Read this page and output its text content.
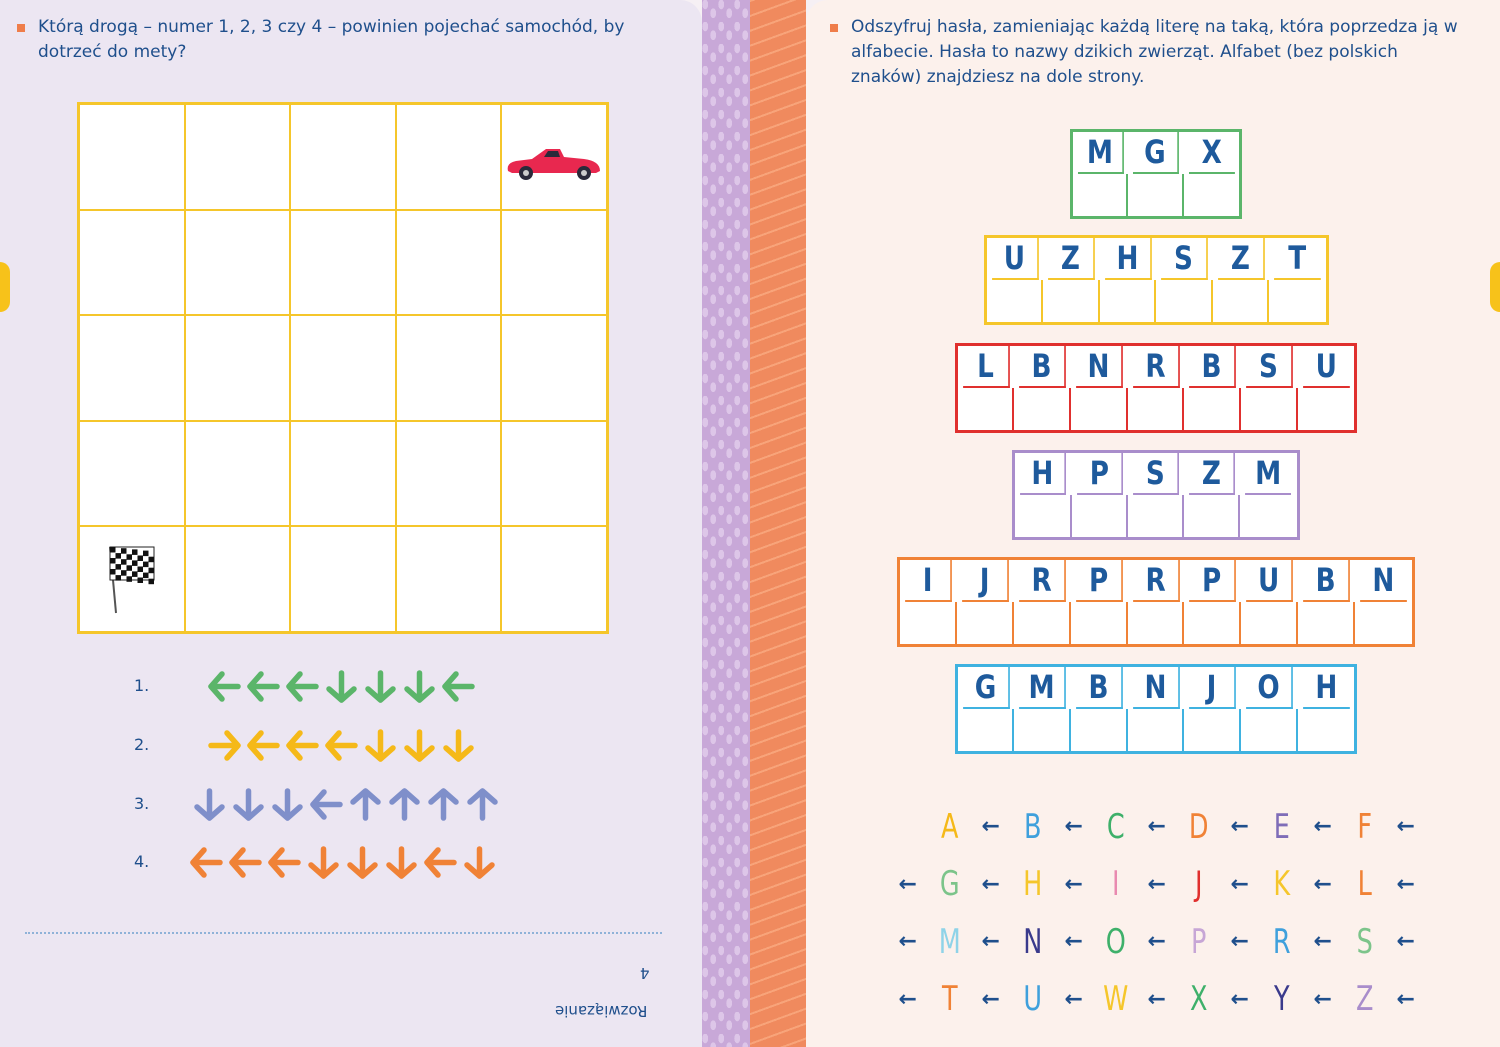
Którą drogą – numer 1, 2, 3 czy 4 – powinien pojechać samochód, by dotrzeć do mety?
1.
2.
3.
4.
4
Rozwiązanie
Odszyfruj hasła, zamieniając każdą literę na taką, która poprzedza ją w alfabecie. Hasła to nazwy dzikich zwierząt. Alfabet (bez polskich znaków) znajdziesz na dole strony.
M G	X
U	Z	H	S	Z	T
L	B	N	R	B	S	U
H	P	S	Z	M
I	J	R	P	R	P	U	B	N
G	M	B	N	J	O	H
A	← B	← C	← D	← E	← F	←
← G	← H	← I	← J	← K	← L	←
← M ← N	← O	← P	← R	← S	←
← T	← U	← W ← X	← Y	← Z	←
